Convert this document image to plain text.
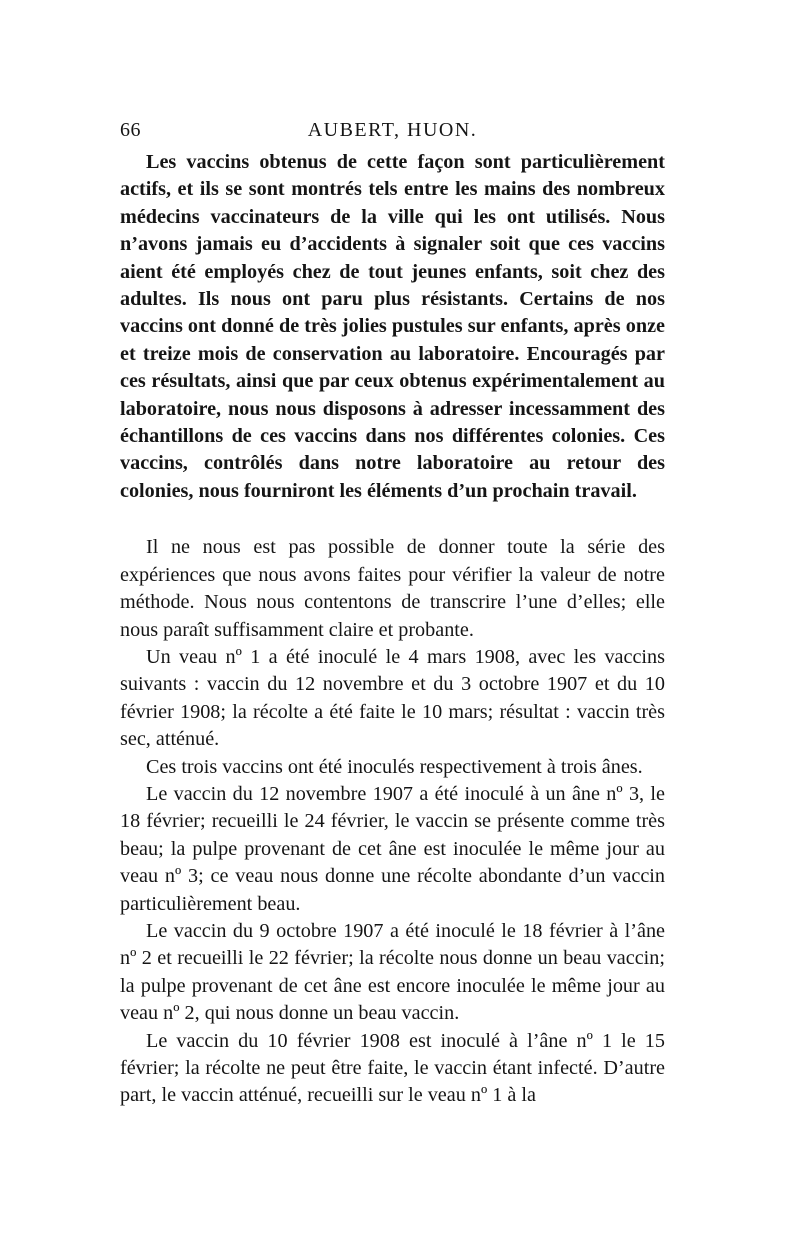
66	AUBERT, HUON.

Les vaccins obtenus de cette façon sont particulièrement actifs, et ils se sont montrés tels entre les mains des nombreux médecins vaccinateurs de la ville qui les ont utilisés. Nous n’avons jamais eu d’accidents à signaler soit que ces vaccins aient été employés chez de tout jeunes enfants, soit chez des adultes. Ils nous ont paru plus résistants. Certains de nos vaccins ont donné de très jolies pustules sur enfants, après onze et treize mois de conservation au laboratoire. Encouragés par ces résultats, ainsi que par ceux obtenus expérimentalement au laboratoire, nous nous disposons à adresser incessamment des échantillons de ces vaccins dans nos différentes colonies. Ces vaccins, contrôlés dans notre laboratoire au retour des colonies, nous fourniront les éléments d’un prochain travail.

Il ne nous est pas possible de donner toute la série des expériences que nous avons faites pour vérifier la valeur de notre méthode. Nous nous contentons de transcrire l’une d’elles; elle nous paraît suffisamment claire et probante.

Un veau nº 1 a été inoculé le 4 mars 1908, avec les vaccins suivants : vaccin du 12 novembre et du 3 octobre 1907 et du 10 février 1908; la récolte a été faite le 10 mars; résultat : vaccin très sec, atténué.

Ces trois vaccins ont été inoculés respectivement à trois ânes.

Le vaccin du 12 novembre 1907 a été inoculé à un âne nº 3, le 18 février; recueilli le 24 février, le vaccin se présente comme très beau; la pulpe provenant de cet âne est inoculée le même jour au veau nº 3; ce veau nous donne une récolte abondante d’un vaccin particulièrement beau.

Le vaccin du 9 octobre 1907 a été inoculé le 18 février à l’âne nº 2 et recueilli le 22 février; la récolte nous donne un beau vaccin; la pulpe provenant de cet âne est encore inoculée le même jour au veau nº 2, qui nous donne un beau vaccin.

Le vaccin du 10 février 1908 est inoculé à l’âne nº 1 le 15 février; la récolte ne peut être faite, le vaccin étant infecté. D’autre part, le vaccin atténué, recueilli sur le veau nº 1 à la
